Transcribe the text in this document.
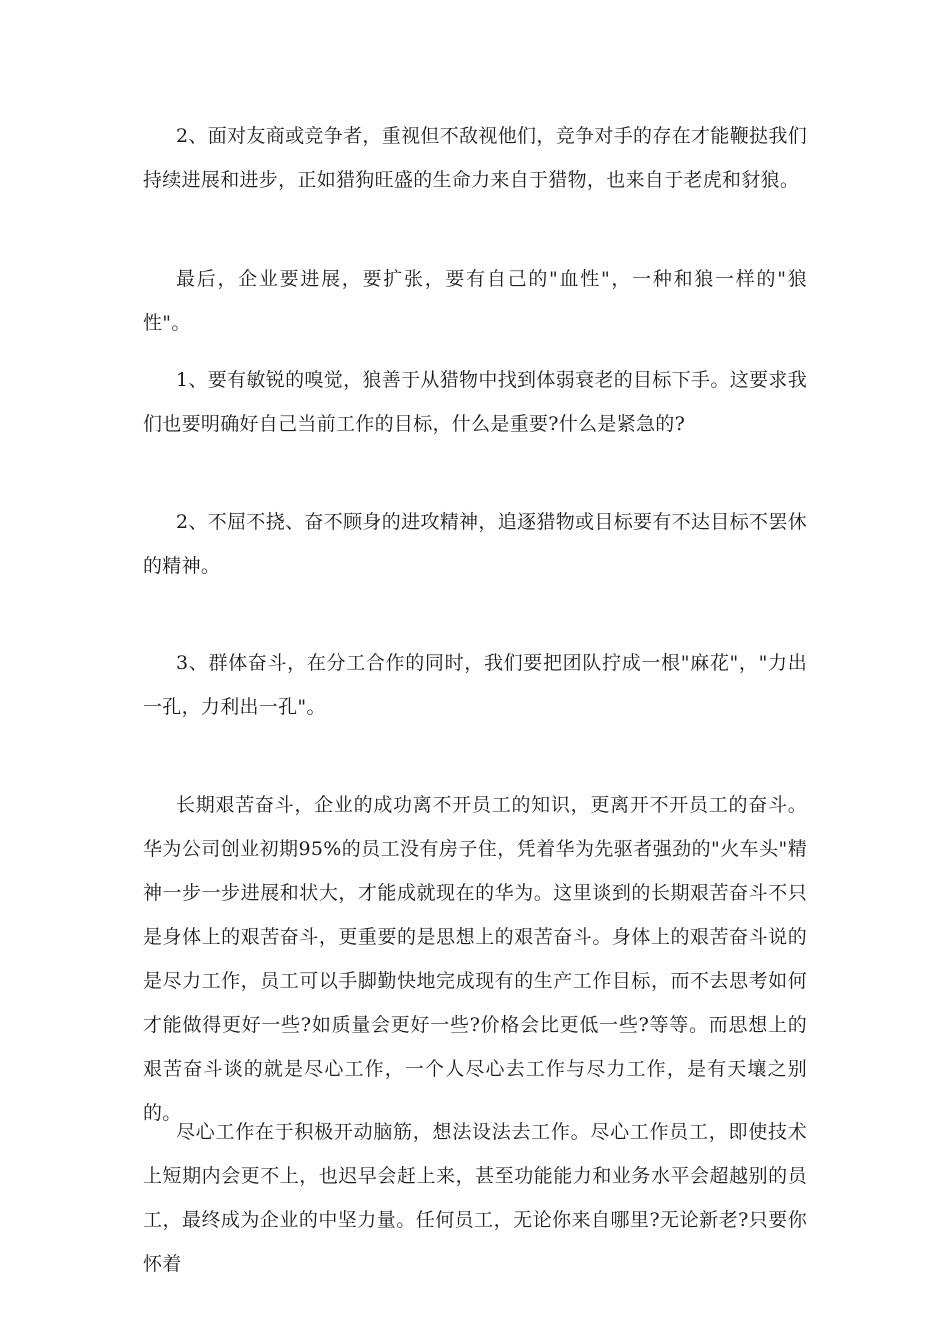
2、面对友商或竞争者，重视但不敌视他们，竞争对手的存在才能鞭挞我们持续进展和进步，正如猎狗旺盛的生命力来自于猎物，也来自于老虎和豺狼。

最后，企业要进展，要扩张，要有自己的"血性"，一种和狼一样的"狼性"。

1、要有敏锐的嗅觉，狼善于从猎物中找到体弱衰老的目标下手。这要求我们也要明确好自己当前工作的目标，什么是重要?什么是紧急的?

2、不屈不挠、奋不顾身的进攻精神，追逐猎物或目标要有不达目标不罢休的精神。

3、群体奋斗，在分工合作的同时，我们要把团队拧成一根"麻花"，"力出一孔，力利出一孔"。

长期艰苦奋斗，企业的成功离不开员工的知识，更离开不开员工的奋斗。华为公司创业初期95%的员工没有房子住，凭着华为先驱者强劲的"火车头"精神一步一步进展和状大，才能成就现在的华为。这里谈到的长期艰苦奋斗不只是身体上的艰苦奋斗，更重要的是思想上的艰苦奋斗。身体上的艰苦奋斗说的是尽力工作，员工可以手脚勤快地完成现有的生产工作目标，而不去思考如何才能做得更好一些?如质量会更好一些?价格会比更低一些?等等。而思想上的艰苦奋斗谈的就是尽心工作，一个人尽心去工作与尽力工作，是有天壤之别的。

尽心工作在于积极开动脑筋，想法设法去工作。尽心工作员工，即使技术上短期内会更不上，也迟早会赶上来，甚至功能能力和业务水平会超越别的员工，最终成为企业的中坚力量。任何员工，无论你来自哪里?无论新老?只要你怀着
